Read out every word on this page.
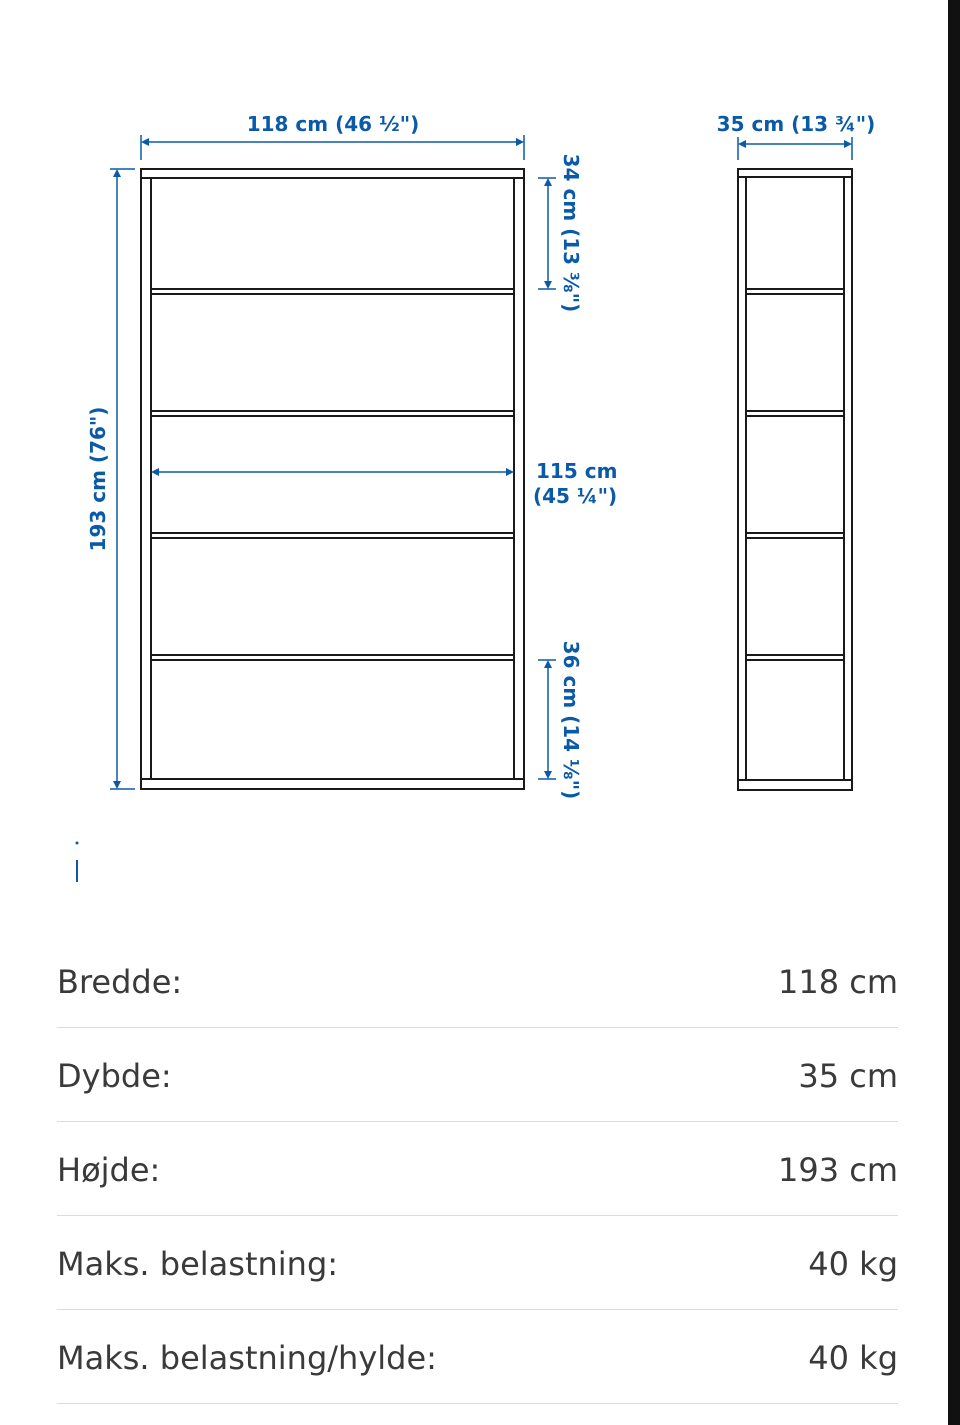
118 cm (46 ½")	35 cm (13 ¾")
193 cm (76")	115 cm
(45 ¼")
34 cm (13 ⅜")
36 cm (14 ⅛")
Bredde:	118 cm
Dybde:	35 cm
Højde:	193 cm
Maks. belastning:	40 kg
Maks. belastning/hylde:	40 kg
